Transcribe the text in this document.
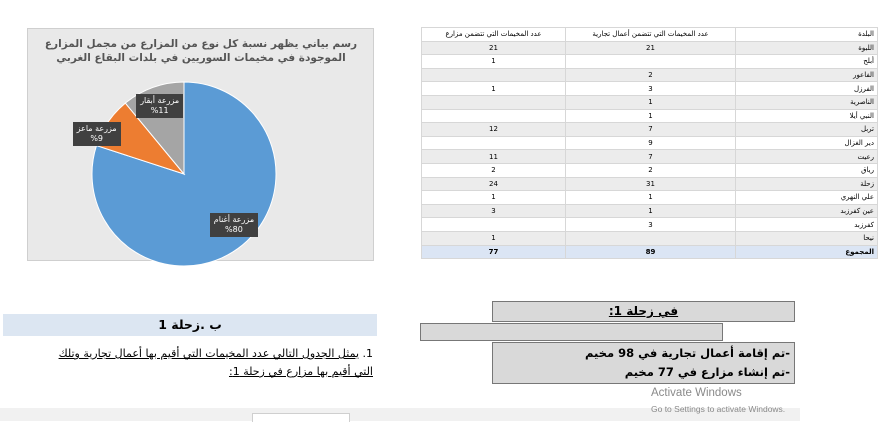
رسم بياني يظهر نسبة كل نوع من المزارع من مجمل المزارع
الموجودة في مخيمات السوريين في بلدات البقاع الغربي
مزرعة أغنام
%80
مزرعة ماعز
%9
مزرعة أبقار
%11
البلدة	عدد المخيمات التي تتضمن أعمال تجارية	عدد المخيمات التي تتضمن مزارع
اللبوة	21	21
أبلح		1
الفاعور	2	
الفرزل	3	1
الناصرية	1	
النبي أيلا	1	
تربل	7	12
دير الغزال	9	
رعيت	7	11
رياق	2	2
زحلة	31	24
علي النهري	1	1
عين كفرزبد	1	3
كفرزبد	3	
نيحا		1
المجموع	89	77
في زحلة 1:
-تم إقامة أعمال تجارية في 98 مخيم
-تم إنشاء مزارع في 77 مخيم
ب .زحلة 1
1. يمثل الجدول التالي عدد المخيمات التي أقيم بها أعمال تجارية وتلك
التي أقيم بها مزارع في زحلة 1:
Activate Windows
Go to Settings to activate Windows.
